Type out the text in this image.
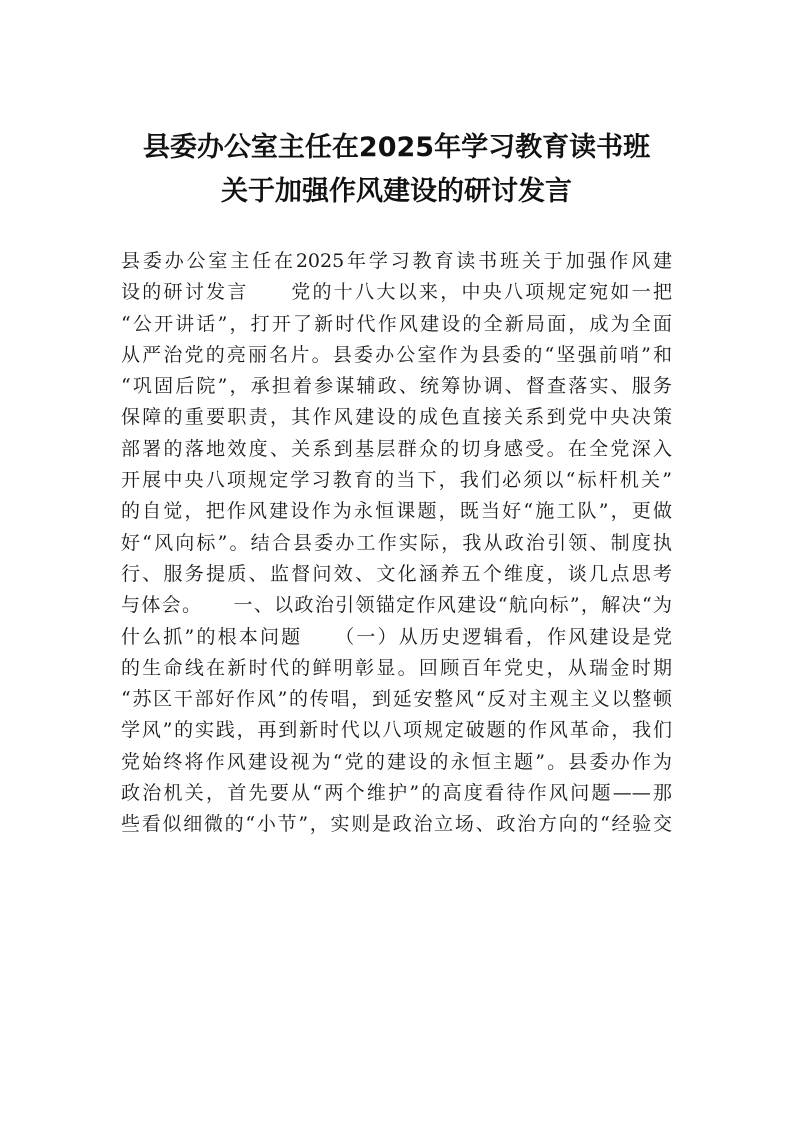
县委办公室主任在2025年学习教育读书班
关于加强作风建设的研讨发言
县委办公室主任在2025年学习教育读书班关于加强作风建
设的研讨发言　　党的十八大以来，中央八项规定宛如一把
“公开讲话”，打开了新时代作风建设的全新局面，成为全面
从严治党的亮丽名片。县委办公室作为县委的“坚强前哨”和
“巩固后院”，承担着参谋辅政、统筹协调、督查落实、服务
保障的重要职责，其作风建设的成色直接关系到党中央决策
部署的落地效度、关系到基层群众的切身感受。在全党深入
开展中央八项规定学习教育的当下，我们必须以“标杆机关”
的自觉，把作风建设作为永恒课题，既当好“施工队”，更做
好“风向标”。结合县委办工作实际，我从政治引领、制度执
行、服务提质、监督问效、文化涵养五个维度，谈几点思考
与体会。　　一、以政治引领锚定作风建设“航向标”，解决“为
什么抓”的根本问题　　（一）从历史逻辑看，作风建设是党
的生命线在新时代的鲜明彰显。回顾百年党史，从瑞金时期
“苏区干部好作风”的传唱，到延安整风“反对主观主义以整顿
学风”的实践，再到新时代以八项规定破题的作风革命，我们
党始终将作风建设视为“党的建设的永恒主题”。县委办作为
政治机关，首先要从“两个维护”的高度看待作风问题——那
些看似细微的“小节”，实则是政治立场、政治方向的“经验交
